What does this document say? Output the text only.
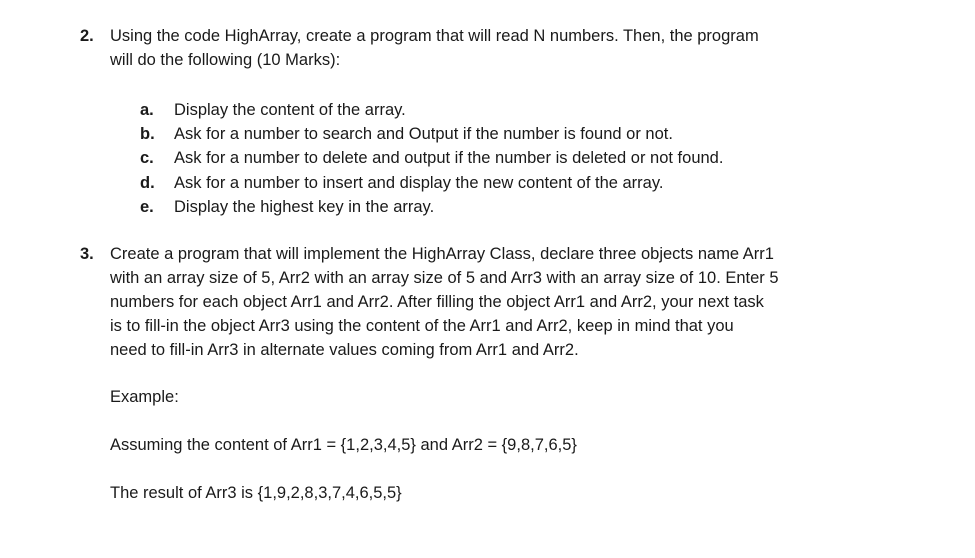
2. Using the code HighArray, create a program that will read N numbers. Then, the program
will do the following (10 Marks):
a.	Display the content of the array.
b.	Ask for a number to search and Output if the number is found or not.
c.	Ask for a number to delete and output if the number is deleted or not found.
d.	Ask for a number to insert and display the new content of the array.
e.	Display the highest key in the array.
3. Create a program that will implement the HighArray Class, declare three objects name Arr1
with an array size of 5, Arr2 with an array size of 5 and Arr3 with an array size of 10. Enter 5
numbers for each object Arr1 and Arr2. After filling the object Arr1 and Arr2, your next task
is to fill-in the object Arr3 using the content of the Arr1 and Arr2, keep in mind that you
need to fill-in Arr3 in alternate values coming from Arr1 and Arr2.
Example:
Assuming the content of Arr1 = {1,2,3,4,5} and Arr2 = {9,8,7,6,5}
The result of Arr3 is {1,9,2,8,3,7,4,6,5,5}
